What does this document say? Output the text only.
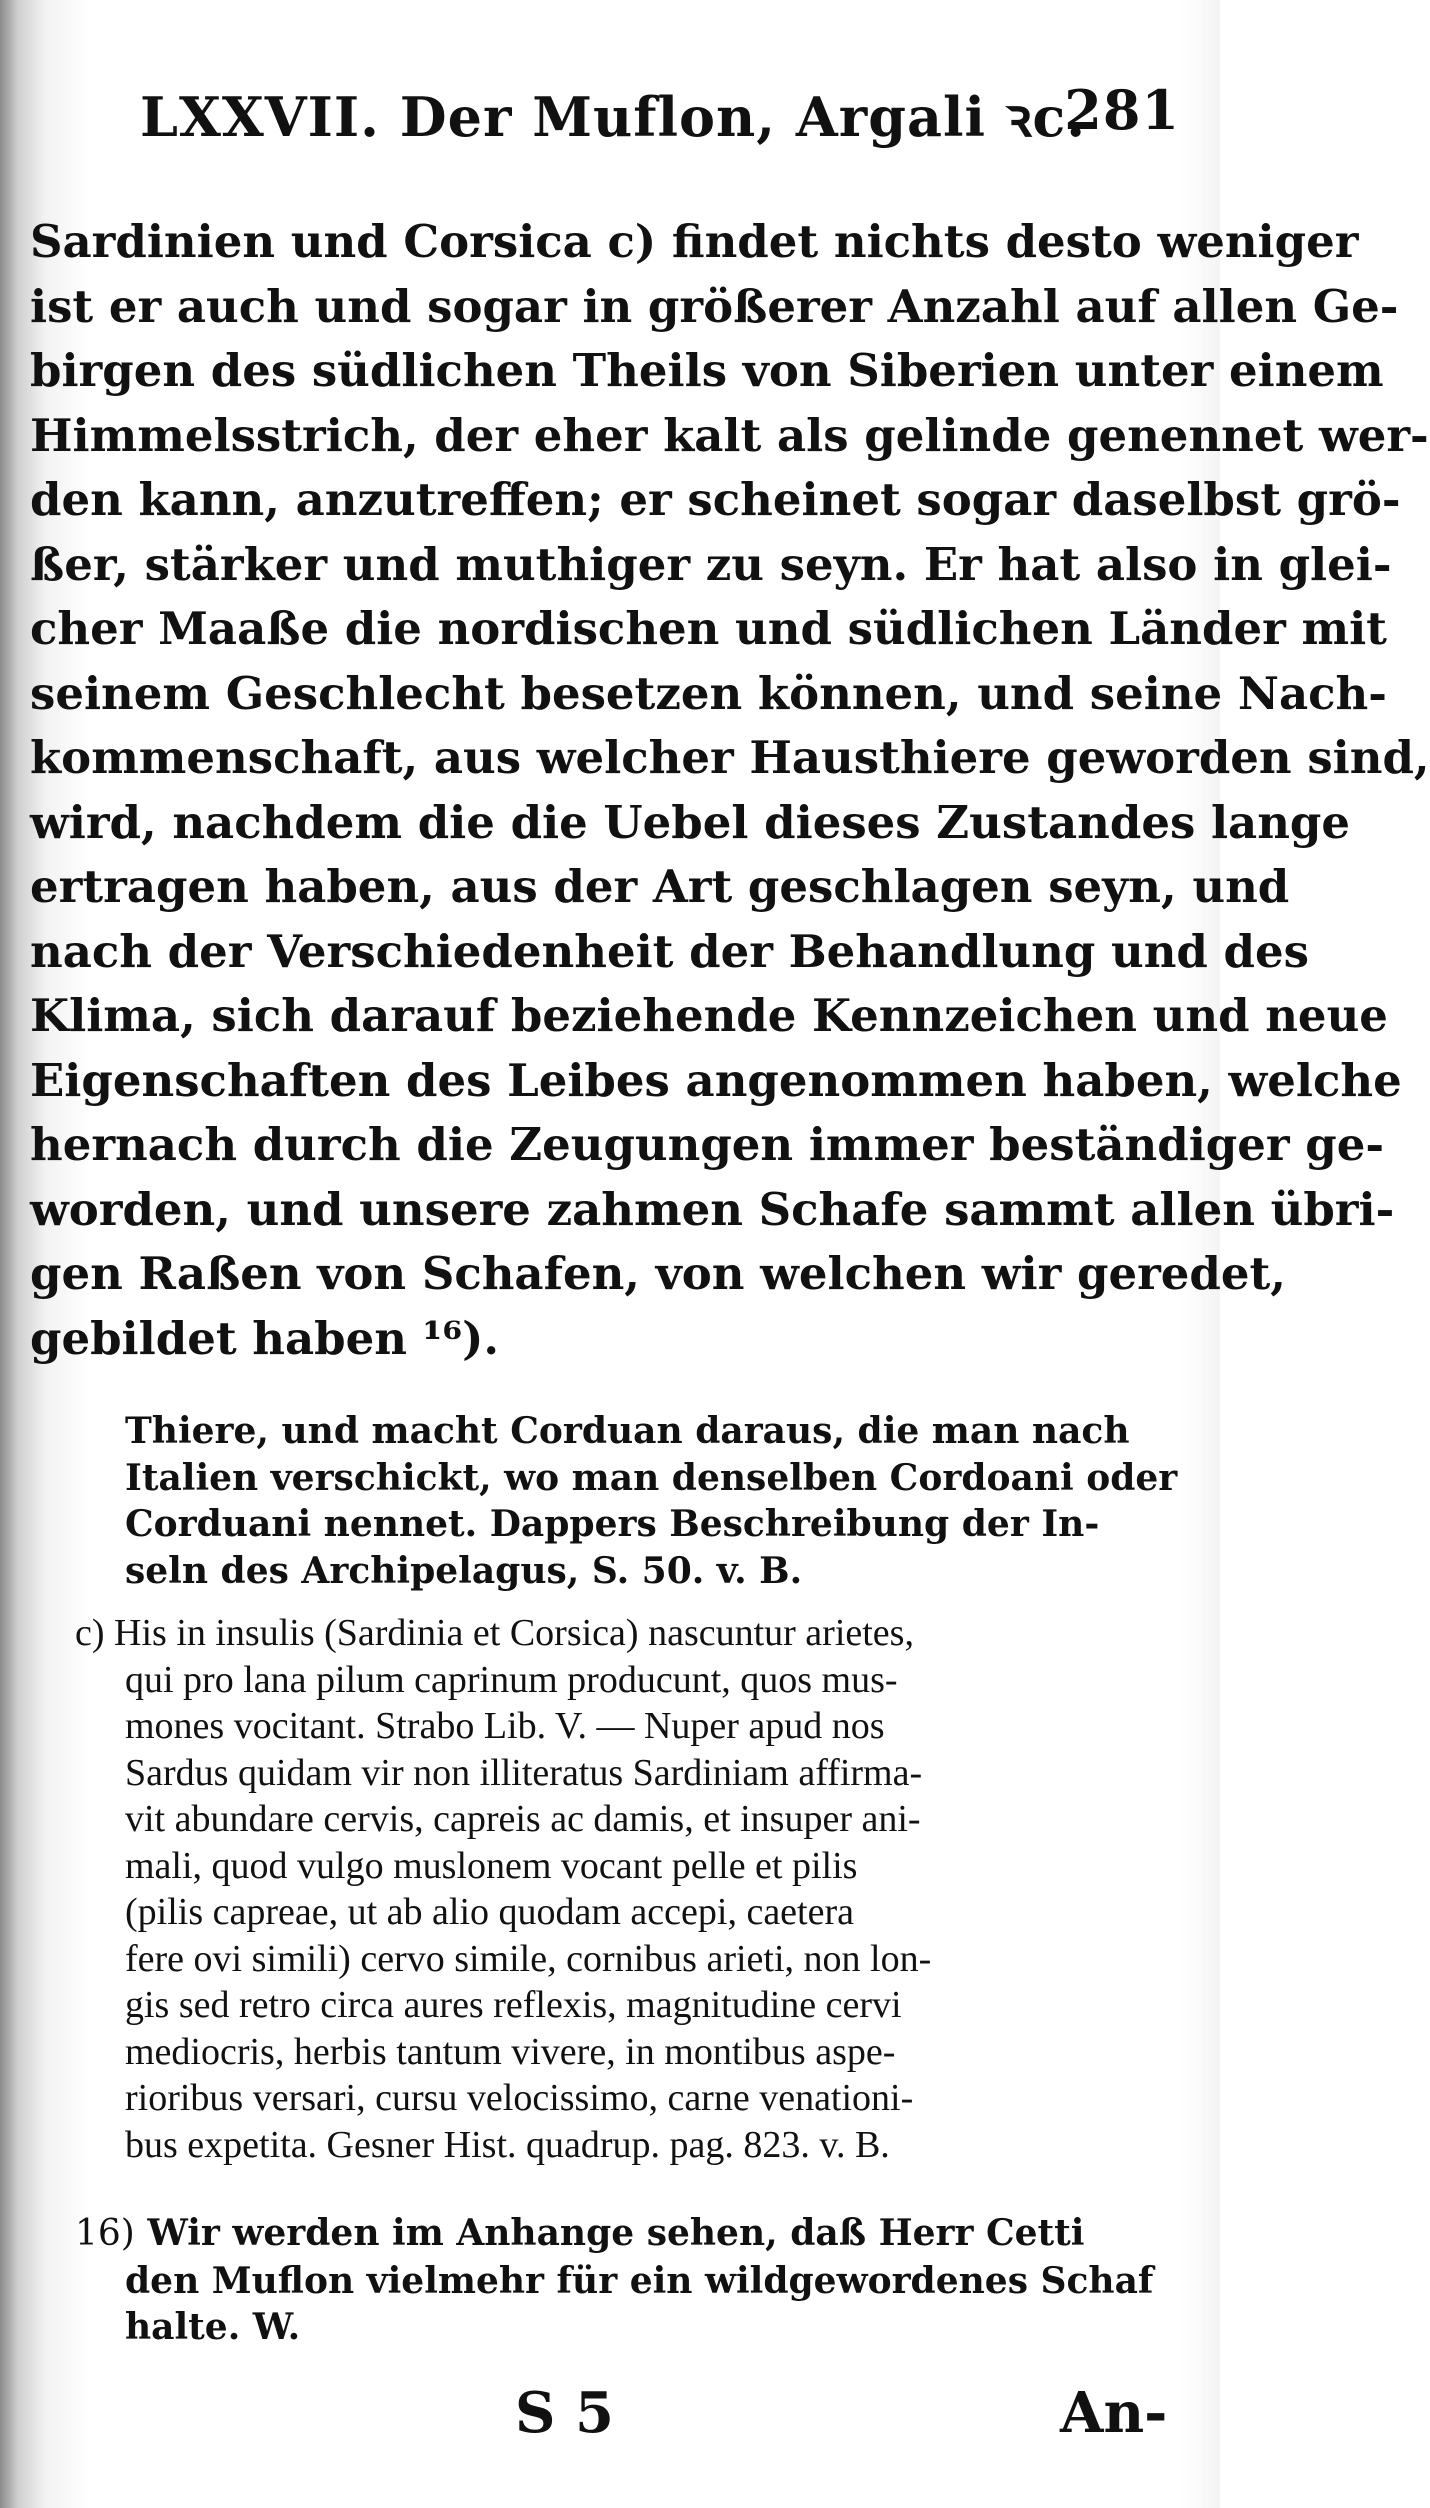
LXXVII. Der Muflon, Argali ꝛc.
281
Sardinien und Corsica c) findet nichts desto weniger
ist er auch und sogar in größerer Anzahl auf allen Ge-
birgen des südlichen Theils von Siberien unter einem
Himmelsstrich, der eher kalt als gelinde genennet wer-
den kann, anzutreffen; er scheinet sogar daselbst grö-
ßer, stärker und muthiger zu seyn. Er hat also in glei-
cher Maaße die nordischen und südlichen Länder mit
seinem Geschlecht besetzen können, und seine Nach-
kommenschaft, aus welcher Hausthiere geworden sind,
wird, nachdem die die Uebel dieses Zustandes lange
ertragen haben, aus der Art geschlagen seyn, und
nach der Verschiedenheit der Behandlung und des
Klima, sich darauf beziehende Kennzeichen und neue
Eigenschaften des Leibes angenommen haben, welche
hernach durch die Zeugungen immer beständiger ge-
worden, und unsere zahmen Schafe sammt allen übri-
gen Raßen von Schafen, von welchen wir geredet,
gebildet haben ¹⁶).
Thiere, und macht Corduan daraus, die man nach
Italien verschickt, wo man denselben Cordoani oder
Corduani nennet. Dappers Beschreibung der In-
seln des Archipelagus, S. 50. v. B.
c) His in insulis (Sardinia et Corsica) nascuntur arietes,
qui pro lana pilum caprinum producunt, quos mus-
mones vocitant. Strabo Lib. V. — Nuper apud nos
Sardus quidam vir non illiteratus Sardiniam affirma-
vit abundare cervis, capreis ac damis, et insuper ani-
mali, quod vulgo muslonem vocant pelle et pilis
(pilis capreae, ut ab alio quodam accepi, caetera
fere ovi simili) cervo simile, cornibus arieti, non lon-
gis sed retro circa aures reflexis, magnitudine cervi
mediocris, herbis tantum vivere, in montibus aspe-
rioribus versari, cursu velocissimo, carne venationi-
bus expetita. Gesner Hist. quadrup. pag. 823. v. B.
16) Wir werden im Anhange sehen, daß Herr Cetti
den Muflon vielmehr für ein wildgewordenes Schaf
halte. W.
S 5	An-
